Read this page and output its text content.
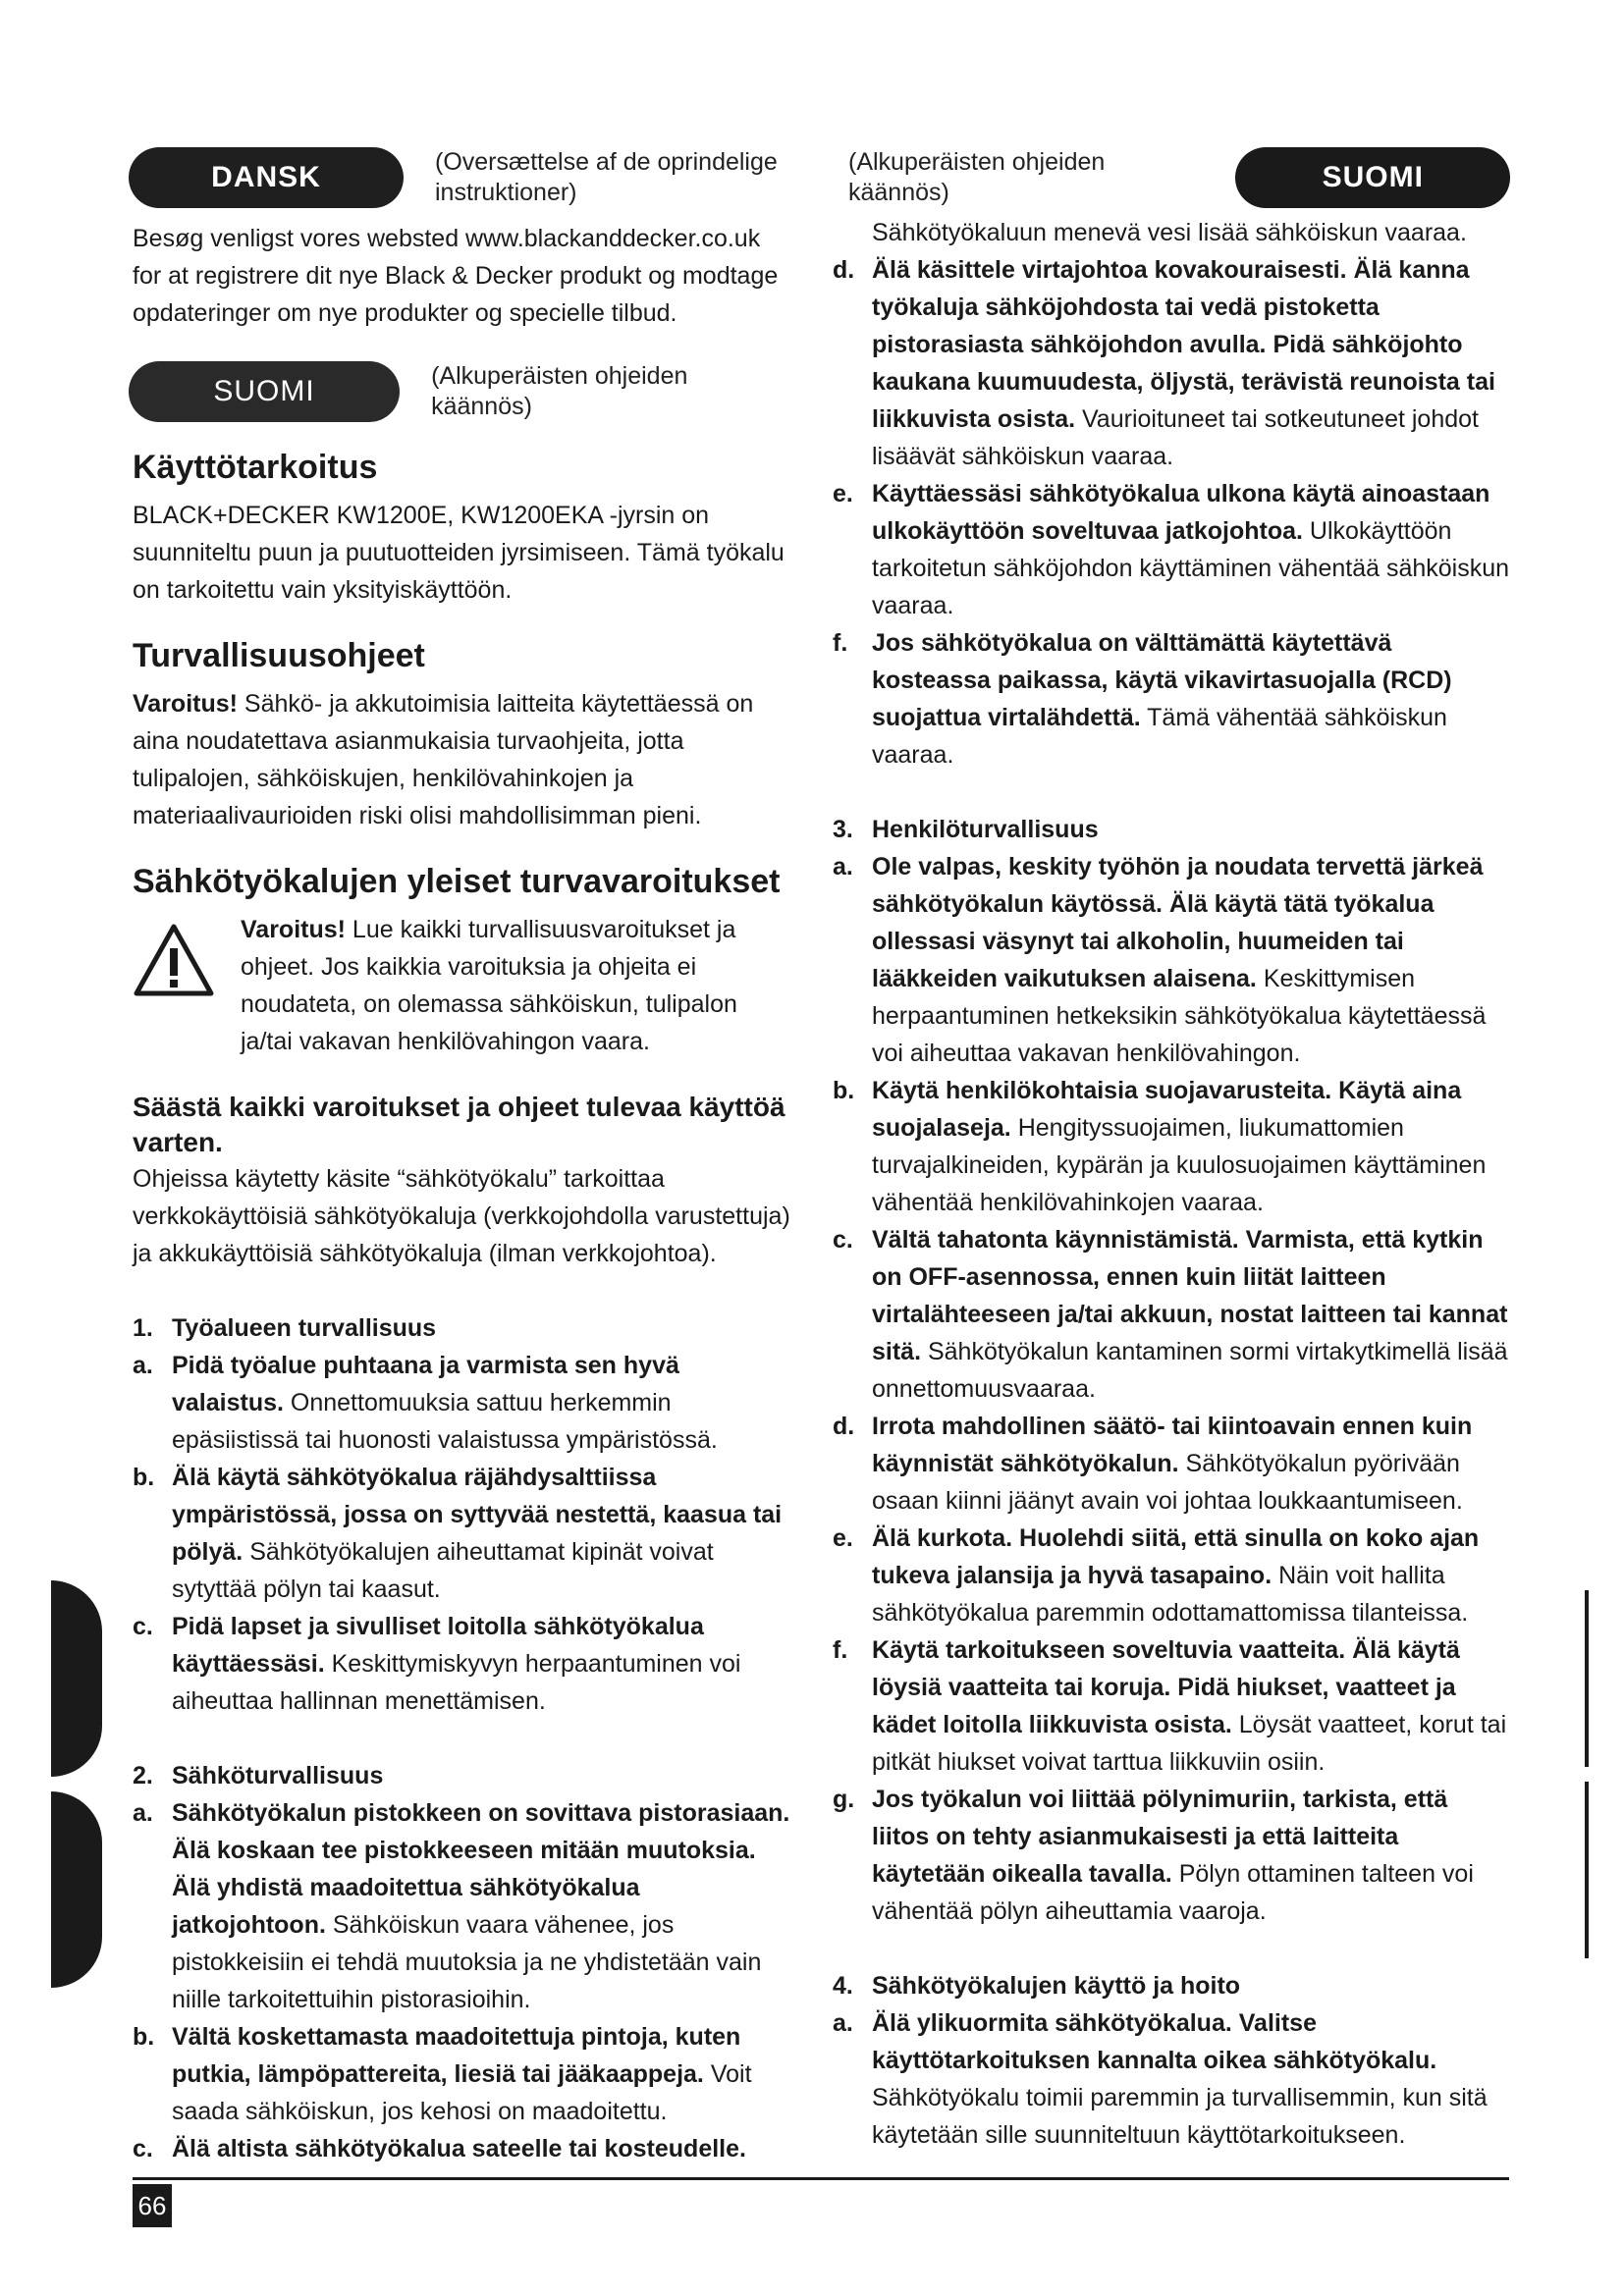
DANSK	(Oversættelse af de oprindelige instruktioner)

Besøg venligst vores websted www.blackanddecker.co.uk for at registrere dit nye Black & Decker produkt og modtage opdateringer om nye produkter og specielle tilbud.

SUOMI	(Alkuperäisten ohjeiden käännös)
Käyttötarkoitus

BLACK+DECKER KW1200E, KW1200EKA -jyrsin on suunniteltu puun ja puutuotteiden jyrsimiseen. Tämä työkalu on tarkoitettu vain yksityiskäyttöön.

Turvallisuusohjeet

Varoitus! Sähkö- ja akkutoimisia laitteita käytettäessä on aina noudatettava asianmukaisia turvaohjeita, jotta tulipalojen, sähköiskujen, henkilövahinkojen ja materiaalivaurioiden riski olisi mahdollisimman pieni.

Sähkötyökalujen yleiset turvavaroitukset

Varoitus! Lue kaikki turvallisuusvaroitukset ja ohjeet. Jos kaikkia varoituksia ja ohjeita ei noudateta, on olemassa sähköiskun, tulipalon ja/tai vakavan henkilövahingon vaara.

Säästä kaikki varoitukset ja ohjeet tulevaa käyttöä varten.

Ohjeissa käytetty käsite “sähkötyökalu” tarkoittaa verkkokäyttöisiä sähkötyökaluja (verkkojohdolla varustettuja) ja akkukäyttöisiä sähkötyökaluja (ilman verkkojohtoa).

1. Työalueen turvallisuus
a. Pidä työalue puhtaana ja varmista sen hyvä valaistus. Onnettomuuksia sattuu herkemmin epäsiistissä tai huonosti valaistussa ympäristössä.
b. Älä käytä sähkötyökalua räjähdysalttiissa ympäristössä, jossa on syttyvää nestettä, kaasua tai pölyä. Sähkötyökalujen aiheuttamat kipinät voivat sytyttää pölyn tai kaasut.
c. Pidä lapset ja sivulliset loitolla sähkötyökalua käyttäessäsi. Keskittymiskyvyn herpaantuminen voi aiheuttaa hallinnan menettämisen.
2. Sähköturvallisuus
a. Sähkötyökalun pistokkeen on sovittava pistorasiaan. Älä koskaan tee pistokkeeseen mitään muutoksia. Älä yhdistä maadoitettua sähkötyökalua jatkojohtoon. Sähköiskun vaara vähenee, jos pistokkeisiin ei tehdä muutoksia ja ne yhdistetään vain niille tarkoitettuihin pistorasioihin.
b. Vältä koskettamasta maadoitettuja pintoja, kuten putkia, lämpöpattereita, liesiä tai jääkaappeja. Voit saada sähköiskun, jos kehosi on maadoitettu.
c. Älä altista sähkötyökalua sateelle tai kosteudelle.
(Alkuperäisten ohjeiden käännös)	SUOMI

Sähkötyökaluun menevä vesi lisää sähköiskun vaaraa.

d. Älä käsittele virtajohtoa kovakouraisesti. Älä kanna työkaluja sähköjohdosta tai vedä pistoketta pistorasiasta sähköjohdon avulla. Pidä sähköjohto kaukana kuumuudesta, öljystä, terävistä reunoista tai liikkuvista osista. Vaurioituneet tai sotkeutuneet johdot lisäävät sähköiskun vaaraa.
e. Käyttäessäsi sähkötyökalua ulkona käytä ainoastaan ulkokäyttöön soveltuvaa jatkojohtoa. Ulkokäyttöön tarkoitetun sähköjohdon käyttäminen vähentää sähköiskun vaaraa.
f. Jos sähkötyökalua on välttämättä käytettävä kosteassa paikassa, käytä vikavirtasuojalla (RCD) suojattua virtalähdettä. Tämä vähentää sähköiskun vaaraa.
3. Henkilöturvallisuus
a. Ole valpas, keskity työhön ja noudata tervettä järkeä sähkötyökalun käytössä. Älä käytä tätä työkalua ollessasi väsynyt tai alkoholin, huumeiden tai lääkkeiden vaikutuksen alaisena. Keskittymisen herpaantuminen hetkeksikin sähkötyökalua käytettäessä voi aiheuttaa vakavan henkilövahingon.
b. Käytä henkilökohtaisia suojavarusteita. Käytä aina suojalaseja. Hengityssuojaimen, liukumattomien turvajalkineiden, kypärän ja kuulosuojaimen käyttäminen vähentää henkilövahinkojen vaaraa.
c. Vältä tahatonta käynnistämistä. Varmista, että kytkin on OFF-asennossa, ennen kuin liität laitteen virtalähteeseen ja/tai akkuun, nostat laitteen tai kannat sitä. Sähkötyökalun kantaminen sormi virtakytkimellä lisää onnettomuusvaaraa.
d. Irrota mahdollinen säätö- tai kiintoavain ennen kuin käynnistät sähkötyökalun. Sähkötyökalun pyörivään osaan kiinni jäänyt avain voi johtaa loukkaantumiseen.
e. Älä kurkota. Huolehdi siitä, että sinulla on koko ajan tukeva jalansija ja hyvä tasapaino. Näin voit hallita sähkötyökalua paremmin odottamattomissa tilanteissa.
f. Käytä tarkoitukseen soveltuvia vaatteita. Älä käytä löysiä vaatteita tai koruja. Pidä hiukset, vaatteet ja kädet loitolla liikkuvista osista. Löysät vaatteet, korut tai pitkät hiukset voivat tarttua liikkuviin osiin.
g. Jos työkalun voi liittää pölynimuriin, tarkista, että liitos on tehty asianmukaisesti ja että laitteita käytetään oikealla tavalla. Pölyn ottaminen talteen voi vähentää pölyn aiheuttamia vaaroja.
4. Sähkötyökalujen käyttö ja hoito
a. Älä ylikuormita sähkötyökalua. Valitse käyttötarkoituksen kannalta oikea sähkötyökalu. Sähkötyökalu toimii paremmin ja turvallisemmin, kun sitä käytetään sille suunniteltuun käyttötarkoitukseen.
66
